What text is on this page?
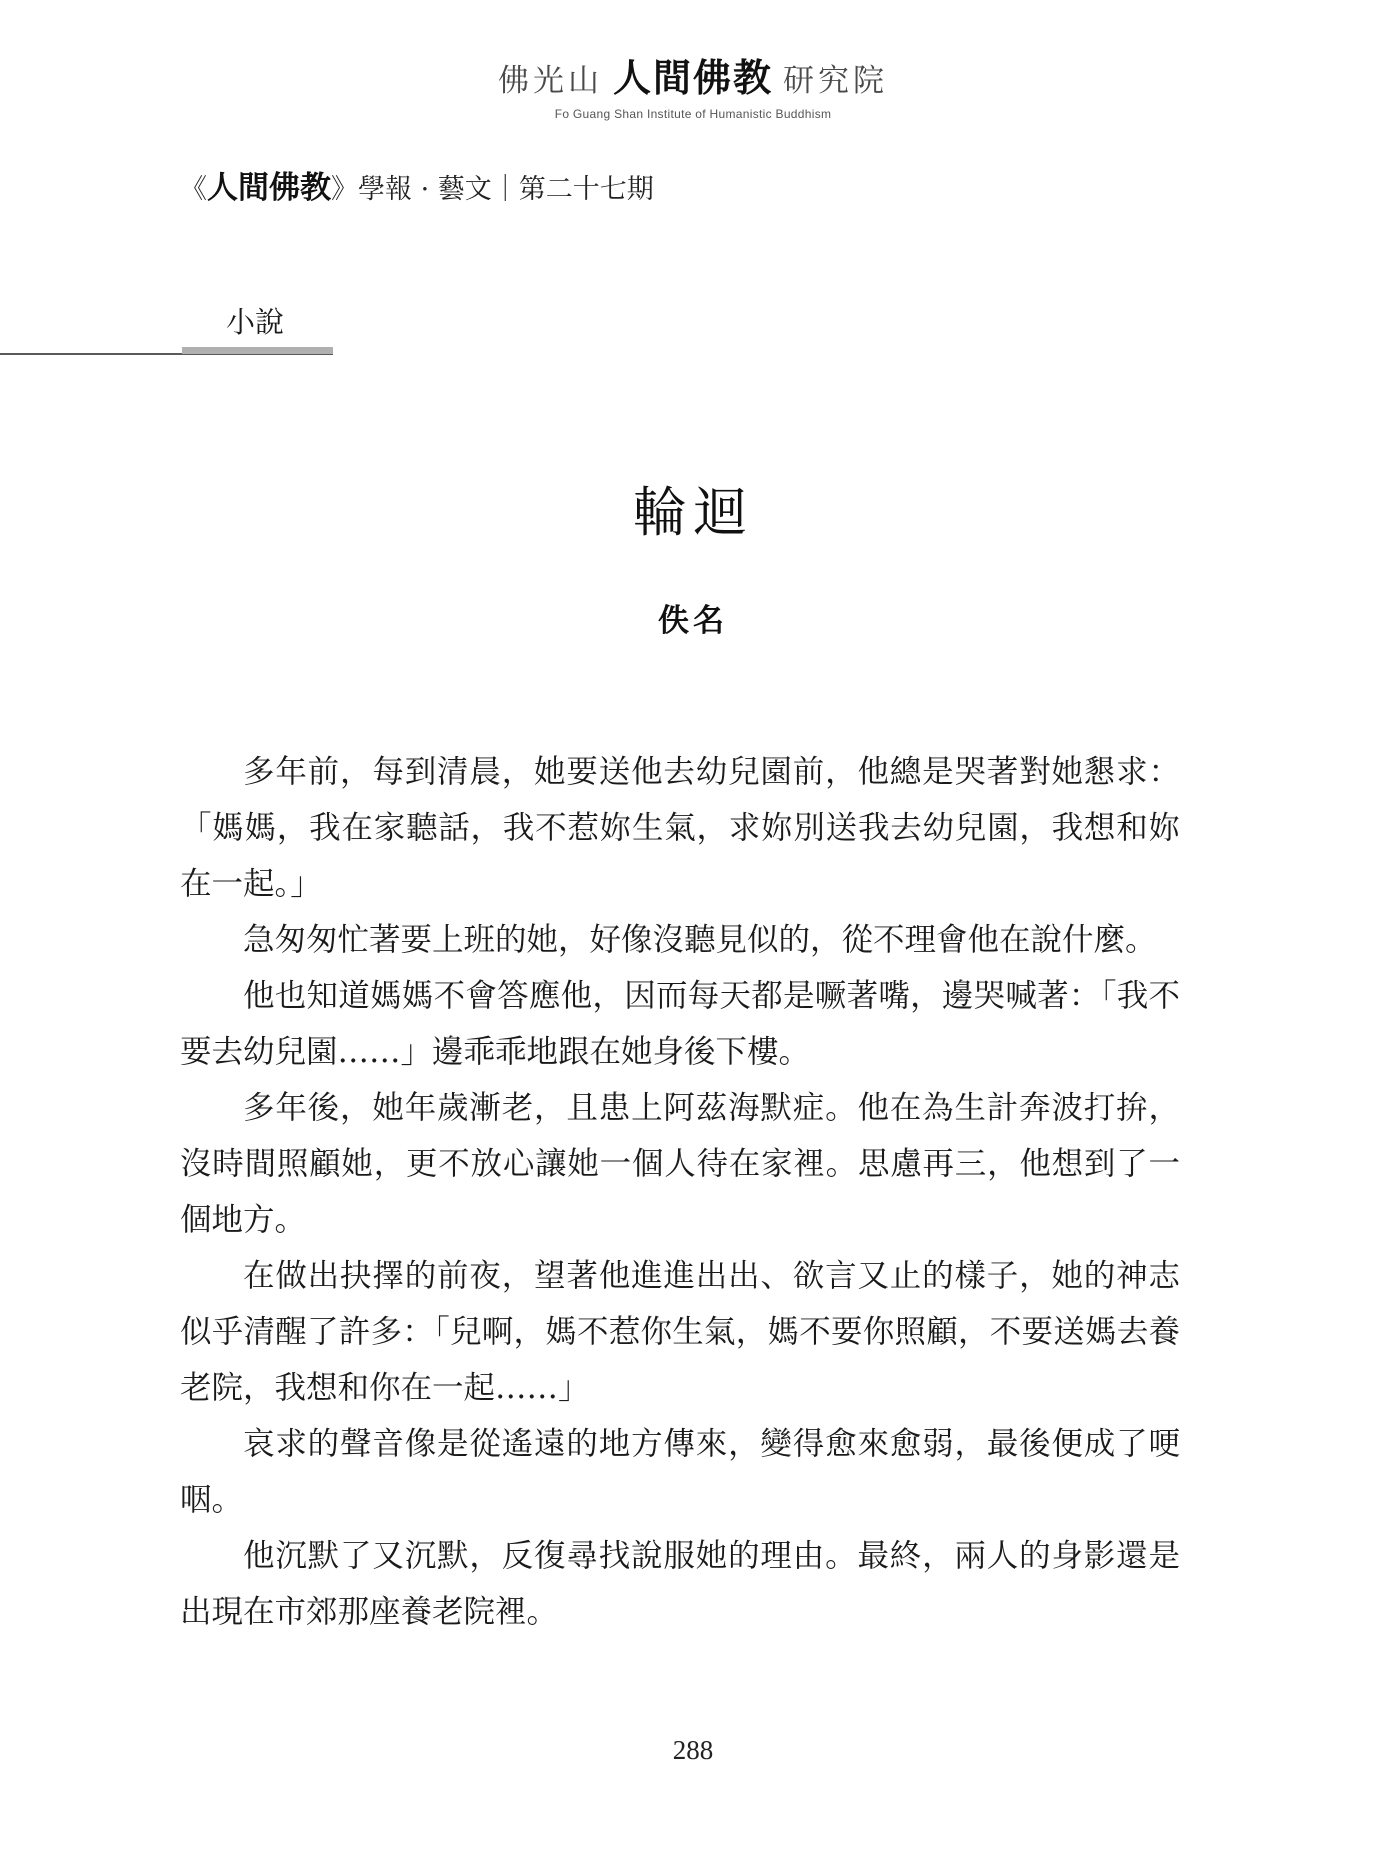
佛光山 人間佛教 研究院
Fo Guang Shan Institute of Humanistic Buddhism
《人間佛教》學報 · 藝文｜第二十七期
小說
輪迴
佚名

多年前，每到清晨，她要送他去幼兒園前，他總是哭著對她懇求：「媽媽，我在家聽話，我不惹妳生氣，求妳別送我去幼兒園，我想和妳在一起。」

急匆匆忙著要上班的她，好像沒聽見似的，從不理會他在說什麼。

他也知道媽媽不會答應他，因而每天都是噘著嘴，邊哭喊著：「我不要去幼兒園……」邊乖乖地跟在她身後下樓。

多年後，她年歲漸老，且患上阿茲海默症。他在為生計奔波打拚，沒時間照顧她，更不放心讓她一個人待在家裡。思慮再三，他想到了一個地方。

在做出抉擇的前夜，望著他進進出出、欲言又止的樣子，她的神志似乎清醒了許多：「兒啊，媽不惹你生氣，媽不要你照顧，不要送媽去養老院，我想和你在一起……」

哀求的聲音像是從遙遠的地方傳來，變得愈來愈弱，最後便成了哽咽。

他沉默了又沉默，反復尋找說服她的理由。最終，兩人的身影還是出現在市郊那座養老院裡。

288
